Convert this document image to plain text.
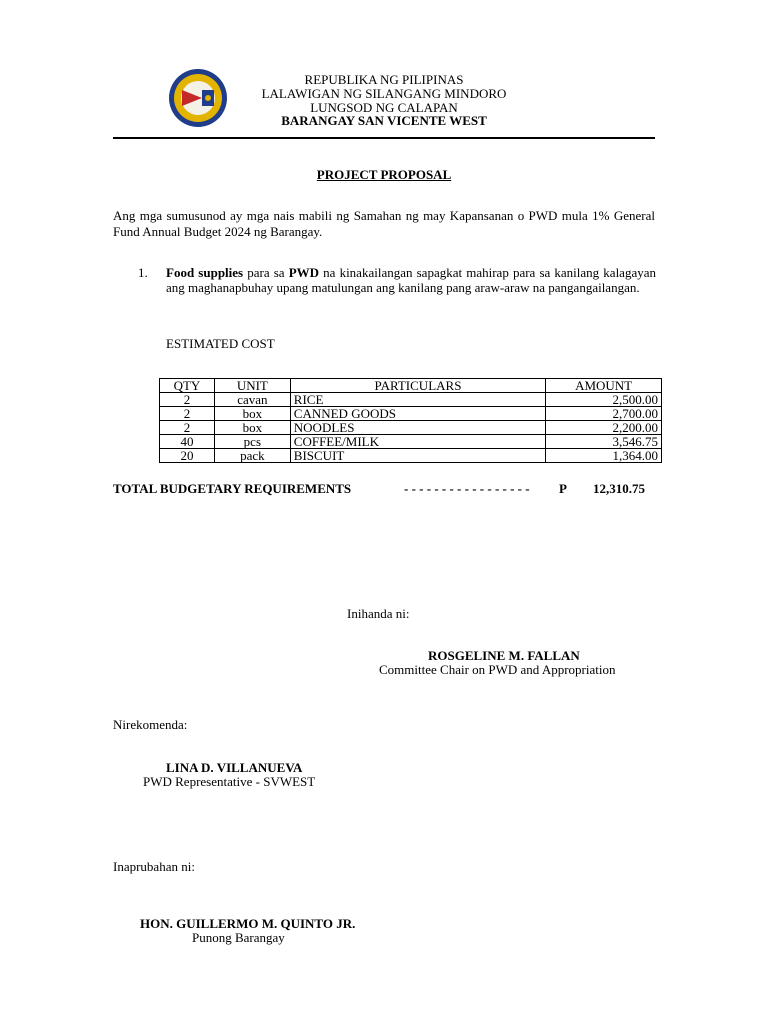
REPUBLIKA NG PILIPINAS
LALAWIGAN NG SILANGANG MINDORO
LUNGSOD NG CALAPAN
BARANGAY SAN VICENTE WEST
PROJECT PROPOSAL
Ang mga sumusunod ay mga nais mabili ng Samahan ng may Kapansanan o PWD mula 1% General Fund Annual Budget 2024 ng Barangay.
1. Food supplies para sa PWD na kinakailangan sapagkat mahirap para sa kanilang kalagayan ang maghanapbuhay upang matulungan ang kanilang pang araw-araw na pangangailangan.
ESTIMATED COST
QTY	UNIT	PARTICULARS	AMOUNT
2	cavan	RICE	2,500.00
2	box	CANNED GOODS	2,700.00
2	box	NOODLES	2,200.00
40	pcs	COFFEE/MILK	3,546.75
20	pack	BISCUIT	1,364.00
TOTAL BUDGETARY REQUIREMENTS	- - - - - - - - - - - - - - - - - P 12,310.75
Inihanda ni:
ROSGELINE M. FALLAN
Committee Chair on PWD and Appropriation
Nirekomenda:
LINA D. VILLANUEVA
PWD Representative - SVWEST
Inaprubahan ni:
HON. GUILLERMO M. QUINTO JR.
Punong Barangay
